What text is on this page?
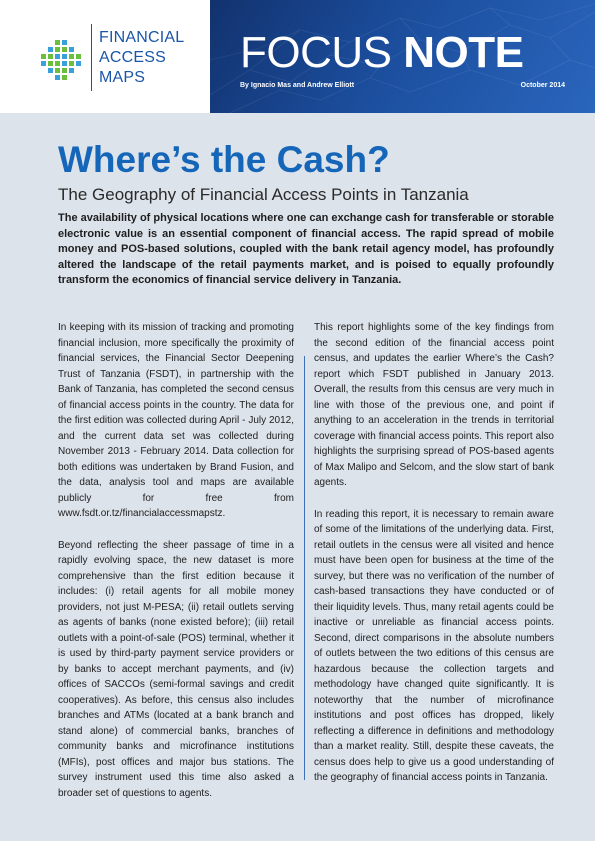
FINANCIAL
ACCESS
MAPS
FOCUS NOTE
By Ignacio Mas and Andrew Elliott	October 2014
Where’s the Cash?
The Geography of Financial Access Points in Tanzania
The availability of physical locations where one can exchange cash for transferable or storable electronic value is an essential component of financial access. The rapid spread of mobile money and POS-based solutions, coupled with the bank retail agency model, has profoundly altered the landscape of the retail payments market, and is poised to equally profoundly transform the economics of financial service delivery in Tanzania.

In keeping with its mission of tracking and promoting financial inclusion, more specifically the proximity of financial services, the Financial Sector Deepening Trust of Tanzania (FSDT), in partnership with the Bank of Tanzania, has completed the second census of financial access points in the country. The data for the first edition was collected during April - July 2012, and the current data set was collected during November 2013 - February 2014. Data collection for both editions was undertaken by Brand Fusion, and the data, analysis tool and maps are available publicly for free from www.fsdt.or.tz/financialaccessmapstz.

Beyond reflecting the sheer passage of time in a rapidly evolving space, the new dataset is more comprehensive than the first edition because it includes: (i) retail agents for all mobile money providers, not just M-PESA; (ii) retail outlets serving as agents of banks (none existed before); (iii) retail outlets with a point-of-sale (POS) terminal, whether it is used by third-party payment service providers or by banks to accept merchant payments, and (iv) offices of SACCOs (semi-formal savings and credit cooperatives). As before, this census also includes branches and ATMs (located at a bank branch and stand alone) of commercial banks, branches of community banks and microfinance institutions (MFIs), post offices and major bus stations. The survey instrument used this time also asked a broader set of questions to agents.

This report highlights some of the key findings from the second edition of the financial access point census, and updates the earlier Where’s the Cash? report which FSDT published in January 2013. Overall, the results from this census are very much in line with those of the previous one, and point if anything to an acceleration in the trends in territorial coverage with financial access points. This report also highlights the surprising spread of POS-based agents of Max Malipo and Selcom, and the slow start of bank agents.

In reading this report, it is necessary to remain aware of some of the limitations of the underlying data. First, retail outlets in the census were all visited and hence must have been open for business at the time of the survey, but there was no verification of the number of cash-based transactions they have conducted or of their liquidity levels. Thus, many retail agents could be inactive or unreliable as financial access points. Second, direct comparisons in the absolute numbers of outlets between the two editions of this census are hazardous because the collection targets and methodology have changed quite significantly. It is noteworthy that the number of microfinance institutions and post offices has dropped, likely reflecting a difference in definitions and methodology than a market reality. Still, despite these caveats, the census does help to give us a good understanding of the geography of financial access points in Tanzania.
